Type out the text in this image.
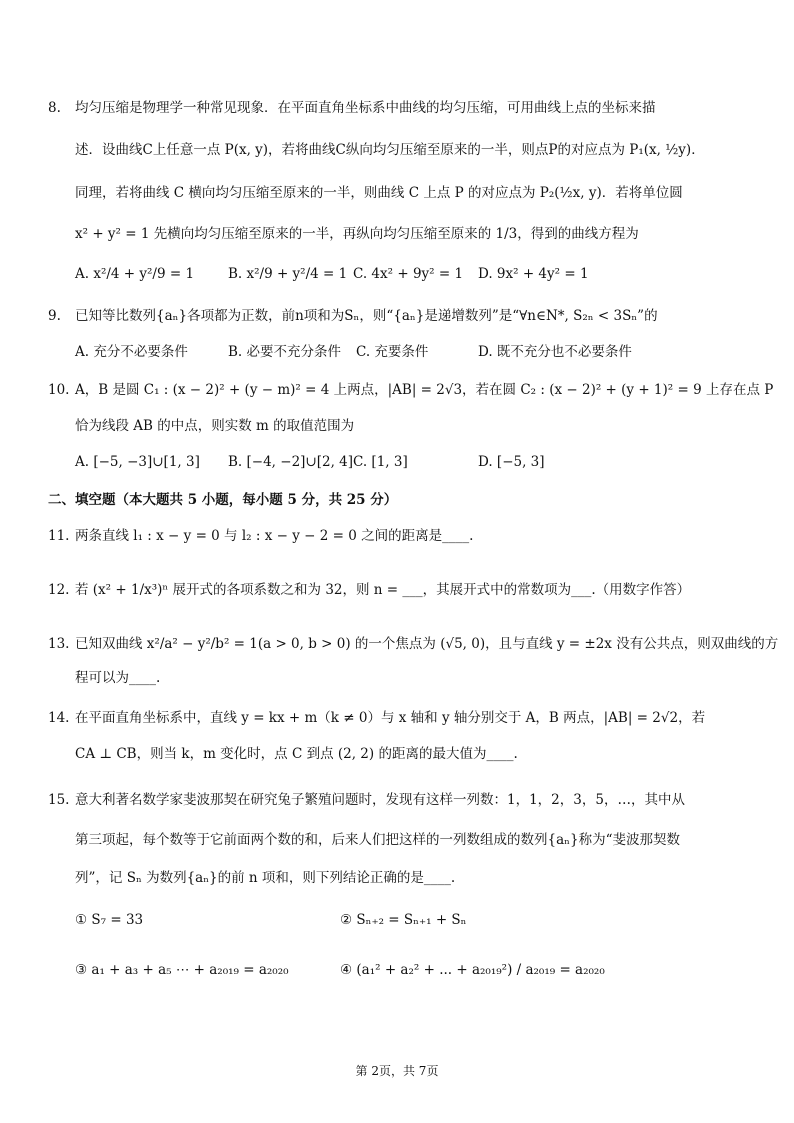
8. 均匀压缩是物理学一种常见现象．在平面直角坐标系中曲线的均匀压缩，可用曲线上点的坐标来描
述．设曲线C上任意一点 P(x, y)，若将曲线C纵向均匀压缩至原来的一半，则点P的对应点为 P₁(x, ½y)．
同理，若将曲线 C 横向均匀压缩至原来的一半，则曲线 C 上点 P 的对应点为 P₂(½x, y)．若将单位圆
x² + y² = 1 先横向均匀压缩至原来的一半，再纵向均匀压缩至原来的 1/3，得到的曲线方程为
A. x²/4 + y²/9 = 1	B. x²/9 + y²/4 = 1 C. 4x² + 9y² = 1 D. 9x² + 4y² = 1
9. 已知等比数列{aₙ}各项都为正数，前n项和为Sₙ，则“{aₙ}是递增数列”是“∀n∈N*, S₂ₙ < 3Sₙ”的
A. 充分不必要条件	B. 必要不充分条件 C. 充要条件	D. 既不充分也不必要条件
10. A，B 是圆 C₁ : (x − 2)² + (y − m)² = 4 上两点，|AB| = 2√3，若在圆 C₂ : (x − 2)² + (y + 1)² = 9 上存在点 P
恰为线段 AB 的中点，则实数 m 的取值范围为
A. [−5, −3]∪[1, 3] B. [−4, −2]∪[2, 4] C. [1, 3]	D. [−5, 3]
二、填空题（本大题共 5 小题，每小题 5 分，共 25 分）
11. 两条直线 l₁ : x − y = 0 与 l₂ : x − y − 2 = 0 之间的距离是____.
12. 若 (x² + 1/x³)ⁿ 展开式的各项系数之和为 32，则 n = ___，其展开式中的常数项为___.（用数字作答）
13. 已知双曲线 x²/a² − y²/b² = 1(a > 0, b > 0) 的一个焦点为 (√5, 0)，且与直线 y = ±2x 没有公共点，则双曲线的方
程可以为____.
14. 在平面直角坐标系中，直线 y = kx + m（k ≠ 0）与 x 轴和 y 轴分别交于 A，B 两点，|AB| = 2√2，若
CA ⊥ CB，则当 k，m 变化时，点 C 到点 (2, 2) 的距离的最大值为____.
15. 意大利著名数学家斐波那契在研究兔子繁殖问题时，发现有这样一列数：1，1，2，3，5，…，其中从
第三项起，每个数等于它前面两个数的和，后来人们把这样的一列数组成的数列{aₙ}称为“斐波那契数
列”，记 Sₙ 为数列{aₙ}的前 n 项和，则下列结论正确的是____.
① S₇ = 33	② Sₙ₊₂ = Sₙ₊₁ + Sₙ
③ a₁ + a₃ + a₅ ⋯ + a₂₀₁₉ = a₂₀₂₀	④ (a₁² + a₂² + ... + a₂₀₁₉²) / a₂₀₁₉ = a₂₀₂₀
第 2页，共 7页
